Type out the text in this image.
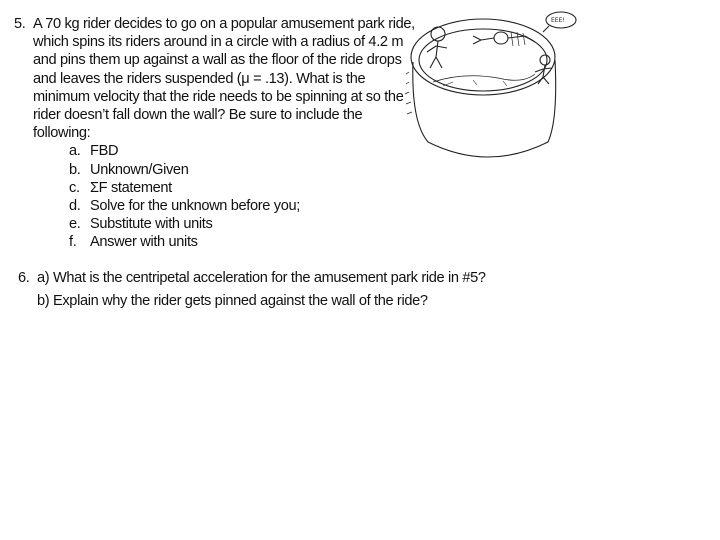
5. A 70 kg rider decides to go on a popular amusement park ride,
which spins its riders around in a circle with a radius of 4.2 m
and pins them up against a wall as the floor of the ride drops
and leaves the riders suspended (μ = .13). What is the
minimum velocity that the ride needs to be spinning at so the
rider doesn’t fall down the wall? Be sure to include the
following:
a. FBD
b. Unknown/Given
c. ΣF statement
d. Solve for the unknown before you;
e. Substitute with units
f. Answer with units
EEE!
6. a) What is the centripetal acceleration for the amusement park ride in #5?
b) Explain why the rider gets pinned against the wall of the ride?
